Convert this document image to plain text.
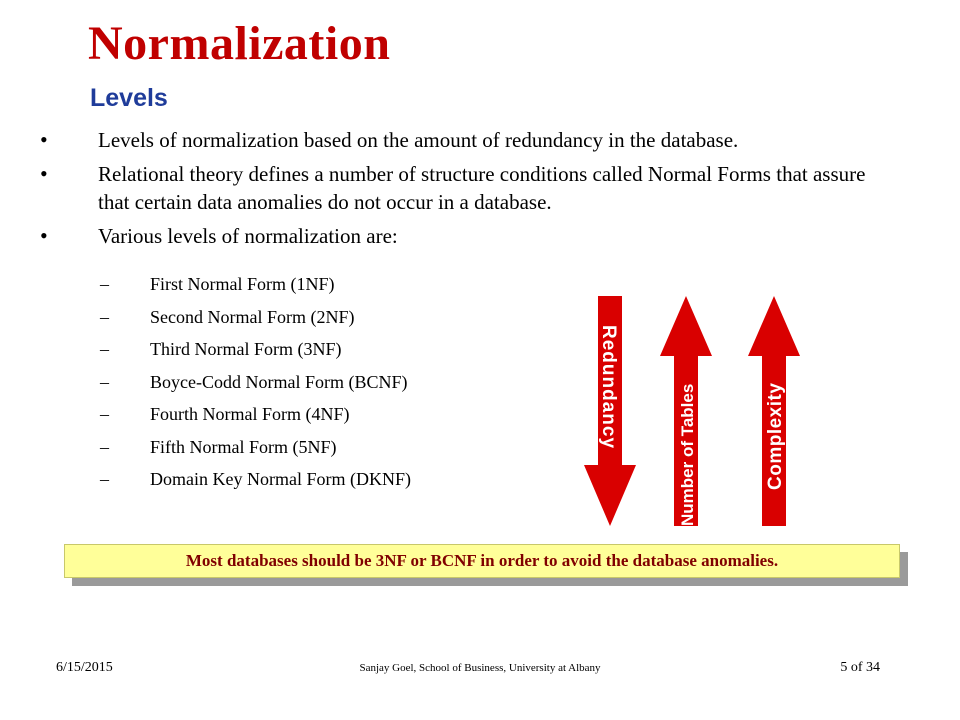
Normalization
Levels
•	Levels of normalization based on the amount of redundancy in the database.
•	Relational theory defines a number of structure conditions called Normal Forms that assure that certain data anomalies do not occur in a database.
•	Various levels of normalization are:
– First Normal Form (1NF)
– Second Normal Form (2NF)
– Third Normal Form (3NF)
– Boyce-Codd Normal Form (BCNF)
– Fourth Normal Form (4NF)
– Fifth Normal Form (5NF)
– Domain Key Normal Form (DKNF)
Redundancy	Number of Tables	Complexity
Most databases should be 3NF or BCNF in order to avoid the database anomalies.
6/15/2015	Sanjay Goel, School of Business, University at Albany	5 of 34
